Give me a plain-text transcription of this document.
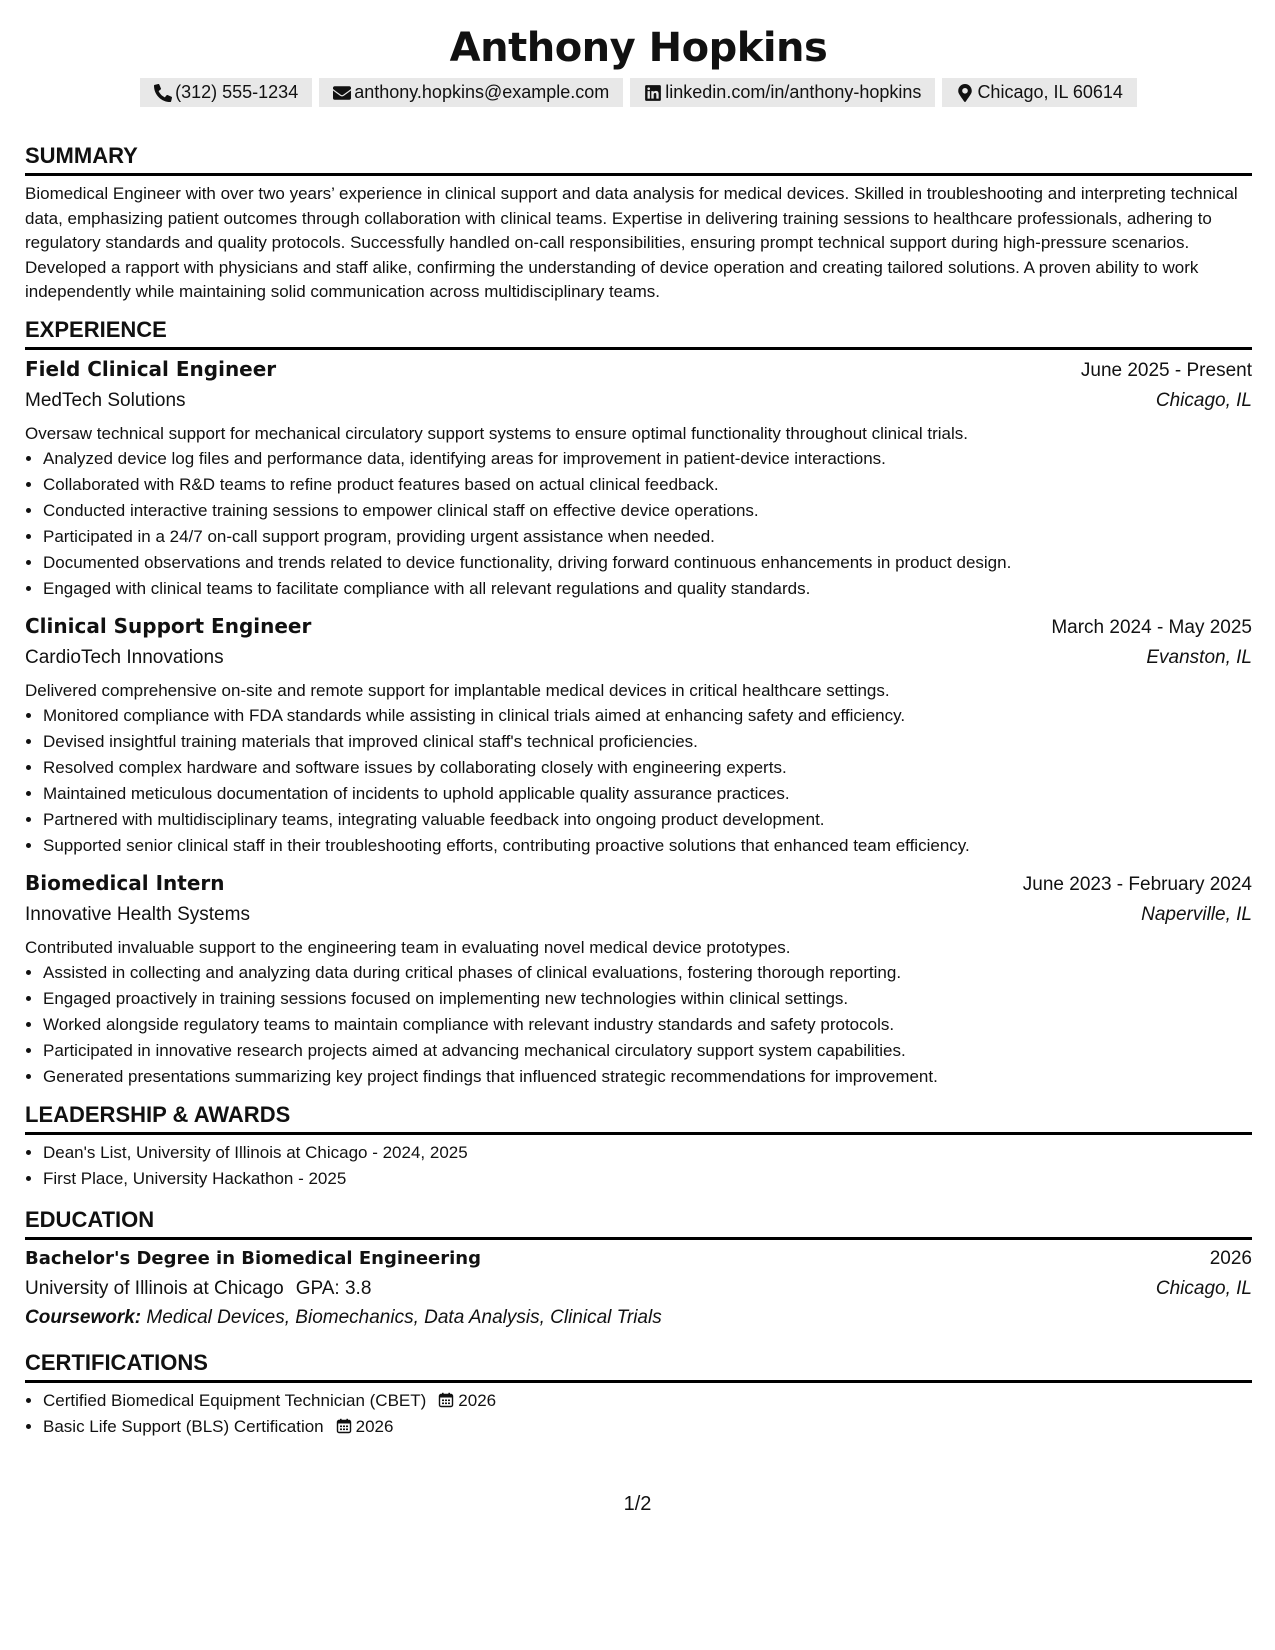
Anthony Hopkins
(312) 555-1234	anthony.hopkins@example.com	linkedin.com/in/anthony-hopkins	Chicago, IL 60614
SUMMARY

Biomedical Engineer with over two years’ experience in clinical support and data analysis for medical devices. Skilled in troubleshooting and interpreting technical data, emphasizing patient outcomes through collaboration with clinical teams. Expertise in delivering training sessions to healthcare professionals, adhering to regulatory standards and quality protocols. Successfully handled on-call responsibilities, ensuring prompt technical support during high-pressure scenarios. Developed a rapport with physicians and staff alike, confirming the understanding of device operation and creating tailored solutions. A proven ability to work independently while maintaining solid communication across multidisciplinary teams.

EXPERIENCE
Field Clinical Engineer	June 2025 - Present
MedTech Solutions	Chicago, IL
Oversaw technical support for mechanical circulatory support systems to ensure optimal functionality throughout clinical trials.
• Analyzed device log files and performance data, identifying areas for improvement in patient-device interactions.
• Collaborated with R&D teams to refine product features based on actual clinical feedback.
• Conducted interactive training sessions to empower clinical staff on effective device operations.
• Participated in a 24/7 on-call support program, providing urgent assistance when needed.
• Documented observations and trends related to device functionality, driving forward continuous enhancements in product design.
• Engaged with clinical teams to facilitate compliance with all relevant regulations and quality standards.
Clinical Support Engineer	March 2024 - May 2025
CardioTech Innovations	Evanston, IL
Delivered comprehensive on-site and remote support for implantable medical devices in critical healthcare settings.
• Monitored compliance with FDA standards while assisting in clinical trials aimed at enhancing safety and efficiency.
• Devised insightful training materials that improved clinical staff's technical proficiencies.
• Resolved complex hardware and software issues by collaborating closely with engineering experts.
• Maintained meticulous documentation of incidents to uphold applicable quality assurance practices.
• Partnered with multidisciplinary teams, integrating valuable feedback into ongoing product development.
• Supported senior clinical staff in their troubleshooting efforts, contributing proactive solutions that enhanced team efficiency.
Biomedical Intern	June 2023 - February 2024
Innovative Health Systems	Naperville, IL
Contributed invaluable support to the engineering team in evaluating novel medical device prototypes.
• Assisted in collecting and analyzing data during critical phases of clinical evaluations, fostering thorough reporting.
• Engaged proactively in training sessions focused on implementing new technologies within clinical settings.
• Worked alongside regulatory teams to maintain compliance with relevant industry standards and safety protocols.
• Participated in innovative research projects aimed at advancing mechanical circulatory support system capabilities.
• Generated presentations summarizing key project findings that influenced strategic recommendations for improvement.
LEADERSHIP & AWARDS
• Dean's List, University of Illinois at Chicago - 2024, 2025
• First Place, University Hackathon - 2025
EDUCATION
Bachelor's Degree in Biomedical Engineering	2026
University of Illinois at Chicago GPA: 3.8	Chicago, IL
Coursework: Medical Devices, Biomechanics, Data Analysis, Clinical Trials
CERTIFICATIONS
• Certified Biomedical Equipment Technician (CBET) 2026
• Basic Life Support (BLS) Certification 2026
1/2
